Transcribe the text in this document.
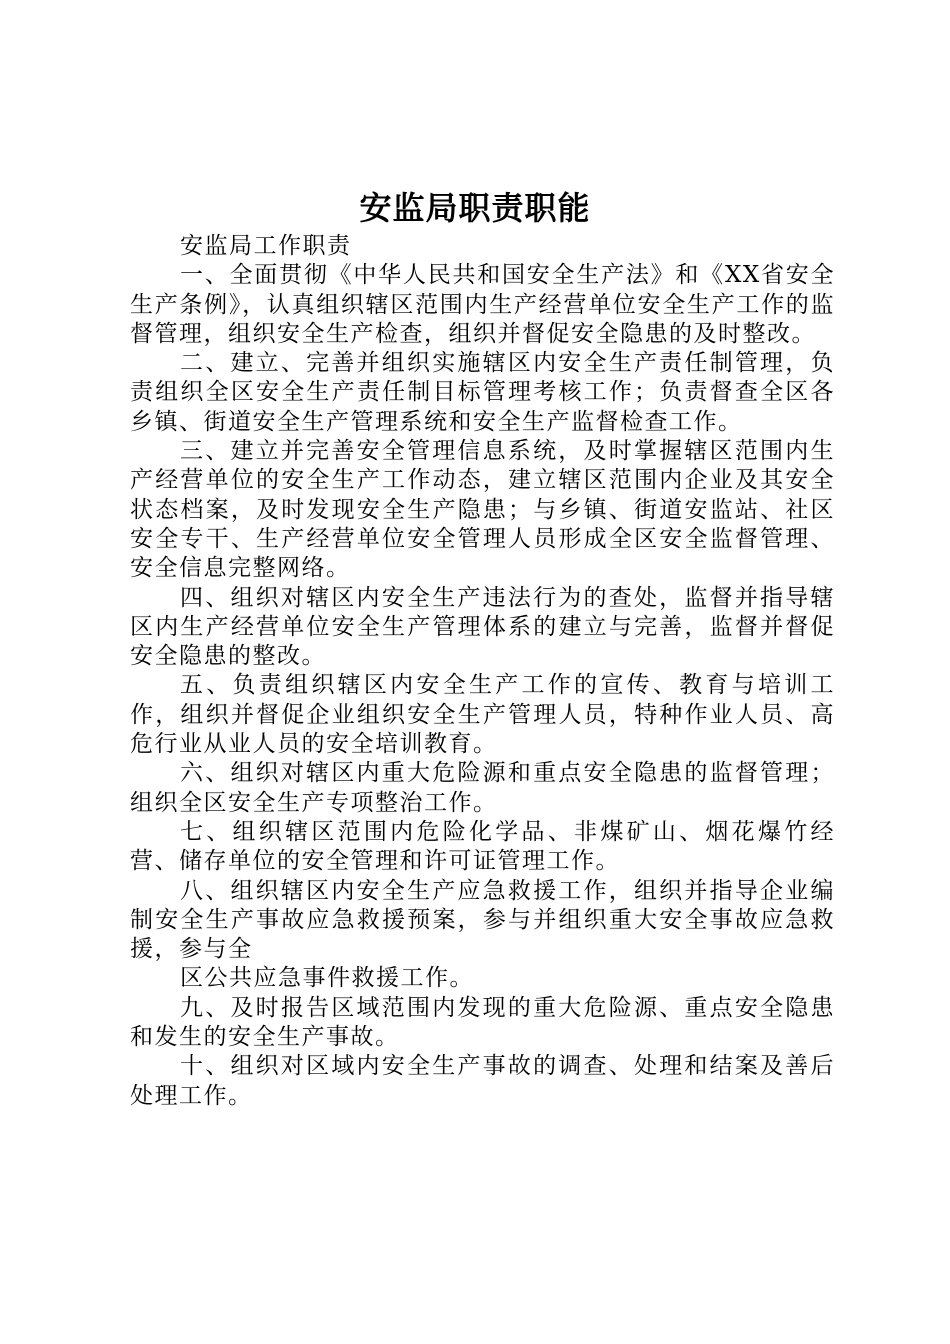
安监局职责职能

安监局工作职责

一、全面贯彻《中华人民共和国安全生产法》和《XX省安全生产条例》，认真组织辖区范围内生产经营单位安全生产工作的监督管理，组织安全生产检查，组织并督促安全隐患的及时整改。

二、建立、完善并组织实施辖区内安全生产责任制管理，负责组织全区安全生产责任制目标管理考核工作；负责督查全区各乡镇、街道安全生产管理系统和安全生产监督检查工作。

三、建立并完善安全管理信息系统，及时掌握辖区范围内生产经营单位的安全生产工作动态，建立辖区范围内企业及其安全状态档案，及时发现安全生产隐患；与乡镇、街道安监站、社区安全专干、生产经营单位安全管理人员形成全区安全监督管理、安全信息完整网络。

四、组织对辖区内安全生产违法行为的查处，监督并指导辖区内生产经营单位安全生产管理体系的建立与完善，监督并督促安全隐患的整改。

五、负责组织辖区内安全生产工作的宣传、教育与培训工作，组织并督促企业组织安全生产管理人员，特种作业人员、高危行业从业人员的安全培训教育。

六、组织对辖区内重大危险源和重点安全隐患的监督管理；组织全区安全生产专项整治工作。

七、组织辖区范围内危险化学品、非煤矿山、烟花爆竹经营、储存单位的安全管理和许可证管理工作。

八、组织辖区内安全生产应急救援工作，组织并指导企业编制安全生产事故应急救援预案，参与并组织重大安全事故应急救援，参与全

区公共应急事件救援工作。

九、及时报告区域范围内发现的重大危险源、重点安全隐患和发生的安全生产事故。

十、组织对区域内安全生产事故的调查、处理和结案及善后处理工作。
